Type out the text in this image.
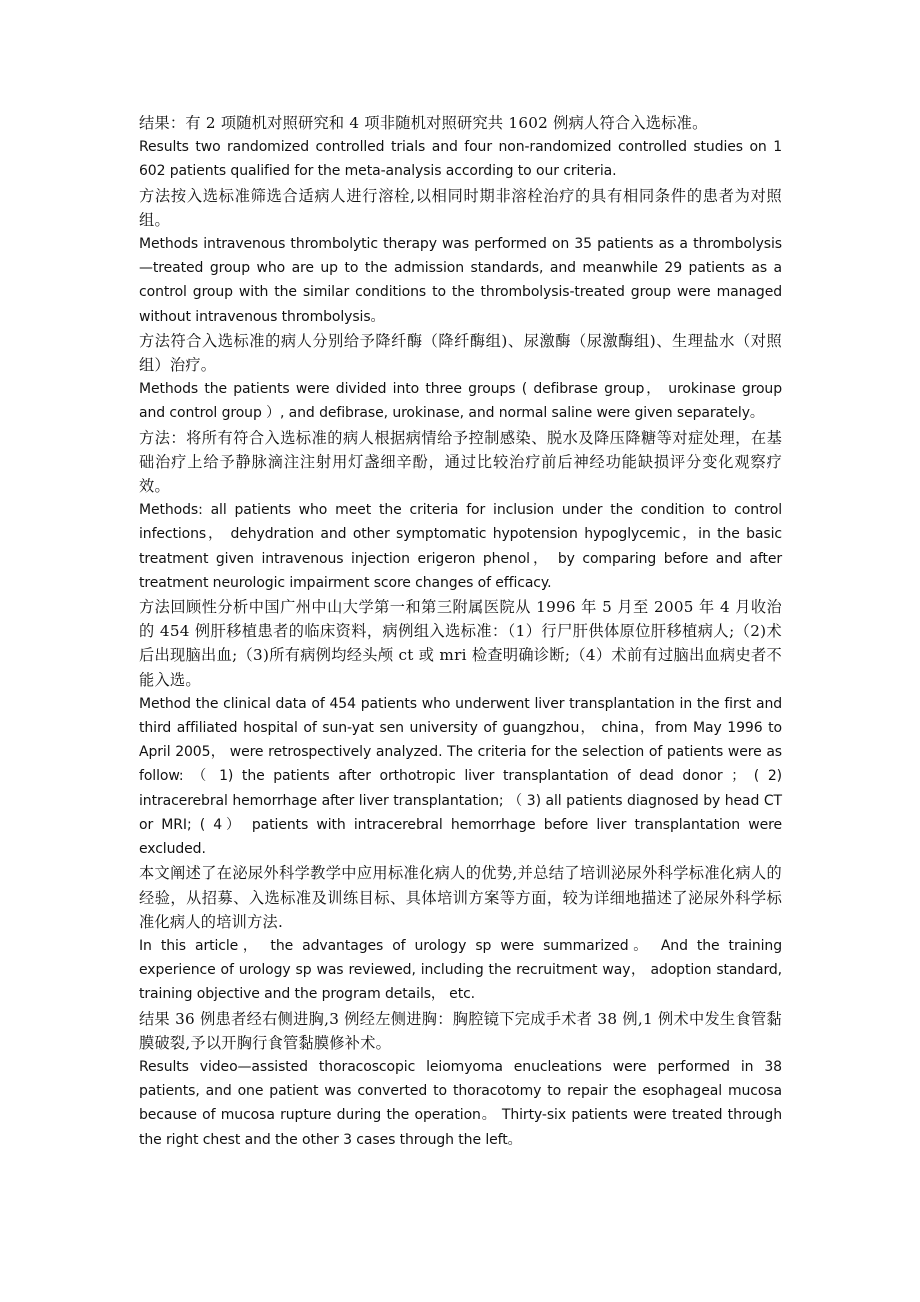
结果：有 2 项随机对照研究和 4 项非随机对照研究共 1602 例病人符合入选标准。

Results two randomized controlled trials and four non-randomized controlled studies on 1 602 patients qualified for the meta-analysis according to our criteria.

方法按入选标准筛选合适病人进行溶栓,以相同时期非溶栓治疗的具有相同条件的患者为对照组。

Methods intravenous thrombolytic therapy was performed on 35 patients as a thrombolysis—treated group who are up to the admission standards, and meanwhile 29 patients as a control group with the similar conditions to the thrombolysis-treated group were managed without intravenous thrombolysis。

方法符合入选标准的病人分别给予降纤酶（降纤酶组)、尿激酶（尿激酶组)、生理盐水（对照组）治疗。

Methods the patients were divided into three groups ( defibrase group， urokinase group and control group ）, and defibrase, urokinase, and normal saline were given separately。

方法：将所有符合入选标准的病人根据病情给予控制感染、脱水及降压降糖等对症处理，在基础治疗上给予静脉滴注注射用灯盏细辛酚，通过比较治疗前后神经功能缺损评分变化观察疗效。

Methods: all patients who meet the criteria for inclusion under the condition to control infections， dehydration and other symptomatic hypotension hypoglycemic，in the basic treatment given intravenous injection erigeron phenol， by comparing before and after treatment neurologic impairment score changes of efficacy.

方法回顾性分析中国广州中山大学第一和第三附属医院从 1996 年 5 月至 2005 年 4 月收治的 454 例肝移植患者的临床资料，病例组入选标准：（1）行尸肝供体原位肝移植病人;（2)术后出现脑出血;（3)所有病例均经头颅 ct 或 mri 检查明确诊断;（4）术前有过脑出血病史者不能入选。

Method the clinical data of 454 patients who underwent liver transplantation in the first and third affiliated hospital of sun-yat sen university of guangzhou， china，from May 1996 to April 2005， were retrospectively analyzed. The criteria for the selection of patients were as follow: （ 1) the patients after orthotropic liver transplantation of dead donor ； ( 2) intracerebral hemorrhage after liver transplantation; （ 3) all patients diagnosed by head CT or MRI; ( 4） patients with intracerebral hemorrhage before liver transplantation were excluded.

本文阐述了在泌尿外科学教学中应用标准化病人的优势,并总结了培训泌尿外科学标准化病人的经验，从招募、入选标准及训练目标、具体培训方案等方面，较为详细地描述了泌尿外科学标准化病人的培训方法.

In this article， the advantages of urology sp were summarized。 And the training experience of urology sp was reviewed, including the recruitment way， adoption standard, training objective and the program details， etc.

结果 36 例患者经右侧进胸,3 例经左侧进胸：胸腔镜下完成手术者 38 例,1 例术中发生食管黏膜破裂,予以开胸行食管黏膜修补术。

Results video—assisted thoracoscopic leiomyoma enucleations were performed in 38 patients, and one patient was converted to thoracotomy to repair the esophageal mucosa because of mucosa rupture during the operation。 Thirty-six patients were treated through the right chest and the other 3 cases through the left。
